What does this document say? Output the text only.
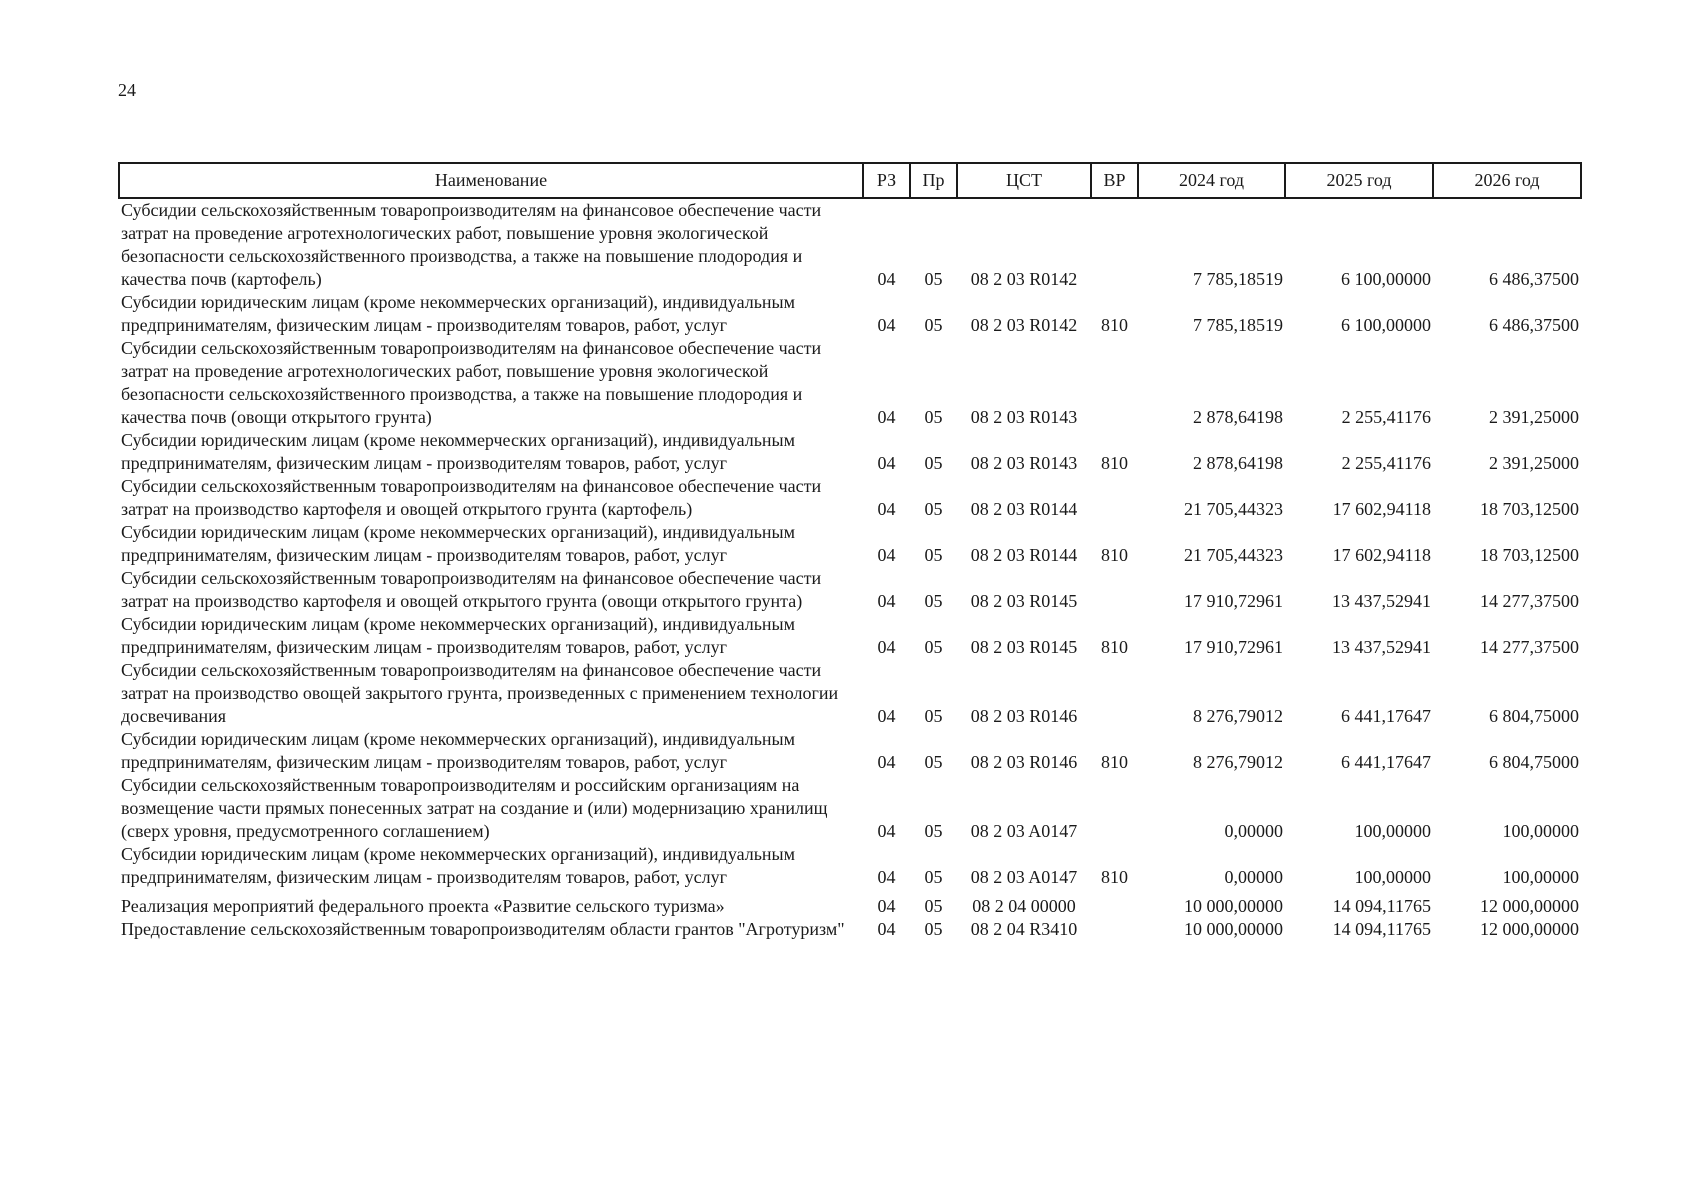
24
Наименование	РЗ	Пр	ЦСТ	ВР	2024 год	2025 год	2026 год
Субсидии сельскохозяйственным товаропроизводителям на финансовое обеспечение части затрат на проведение агротехнологических работ, повышение уровня экологической безопасности сельскохозяйственного производства, а также на повышение плодородия и качества почв (картофель)	04	05	08 2 03 R0142		7 785,18519	6 100,00000	6 486,37500
Субсидии юридическим лицам (кроме некоммерческих организаций), индивидуальным предпринимателям, физическим лицам - производителям товаров, работ, услуг	04	05	08 2 03 R0142	810	7 785,18519	6 100,00000	6 486,37500
Субсидии сельскохозяйственным товаропроизводителям на финансовое обеспечение части затрат на проведение агротехнологических работ, повышение уровня экологической безопасности сельскохозяйственного производства, а также на повышение плодородия и качества почв (овощи открытого грунта)	04	05	08 2 03 R0143		2 878,64198	2 255,41176	2 391,25000
Субсидии юридическим лицам (кроме некоммерческих организаций), индивидуальным предпринимателям, физическим лицам - производителям товаров, работ, услуг	04	05	08 2 03 R0143	810	2 878,64198	2 255,41176	2 391,25000
Субсидии сельскохозяйственным товаропроизводителям на финансовое обеспечение части затрат на производство картофеля и овощей открытого грунта (картофель)	04	05	08 2 03 R0144		21 705,44323	17 602,94118	18 703,12500
Субсидии юридическим лицам (кроме некоммерческих организаций), индивидуальным предпринимателям, физическим лицам - производителям товаров, работ, услуг	04	05	08 2 03 R0144	810	21 705,44323	17 602,94118	18 703,12500
Субсидии сельскохозяйственным товаропроизводителям на финансовое обеспечение части затрат на производство картофеля и овощей открытого грунта (овощи открытого грунта)	04	05	08 2 03 R0145		17 910,72961	13 437,52941	14 277,37500
Субсидии юридическим лицам (кроме некоммерческих организаций), индивидуальным предпринимателям, физическим лицам - производителям товаров, работ, услуг	04	05	08 2 03 R0145	810	17 910,72961	13 437,52941	14 277,37500
Субсидии сельскохозяйственным товаропроизводителям на финансовое обеспечение части затрат на производство овощей закрытого грунта, произведенных с применением технологии досвечивания	04	05	08 2 03 R0146		8 276,79012	6 441,17647	6 804,75000
Субсидии юридическим лицам (кроме некоммерческих организаций), индивидуальным предпринимателям, физическим лицам - производителям товаров, работ, услуг	04	05	08 2 03 R0146	810	8 276,79012	6 441,17647	6 804,75000
Субсидии сельскохозяйственным товаропроизводителям и российским организациям на возмещение части прямых понесенных затрат на создание и (или) модернизацию хранилищ (сверх уровня, предусмотренного соглашением)	04	05	08 2 03 A0147		0,00000	100,00000	100,00000
Субсидии юридическим лицам (кроме некоммерческих организаций), индивидуальным предпринимателям, физическим лицам - производителям товаров, работ, услуг	04	05	08 2 03 A0147	810	0,00000	100,00000	100,00000
Реализация мероприятий федерального проекта «Развитие сельского туризма»	04	05	08 2 04 00000		10 000,00000	14 094,11765	12 000,00000
Предоставление сельскохозяйственным товаропроизводителям области грантов "Агротуризм"	04	05	08 2 04 R3410		10 000,00000	14 094,11765	12 000,00000
